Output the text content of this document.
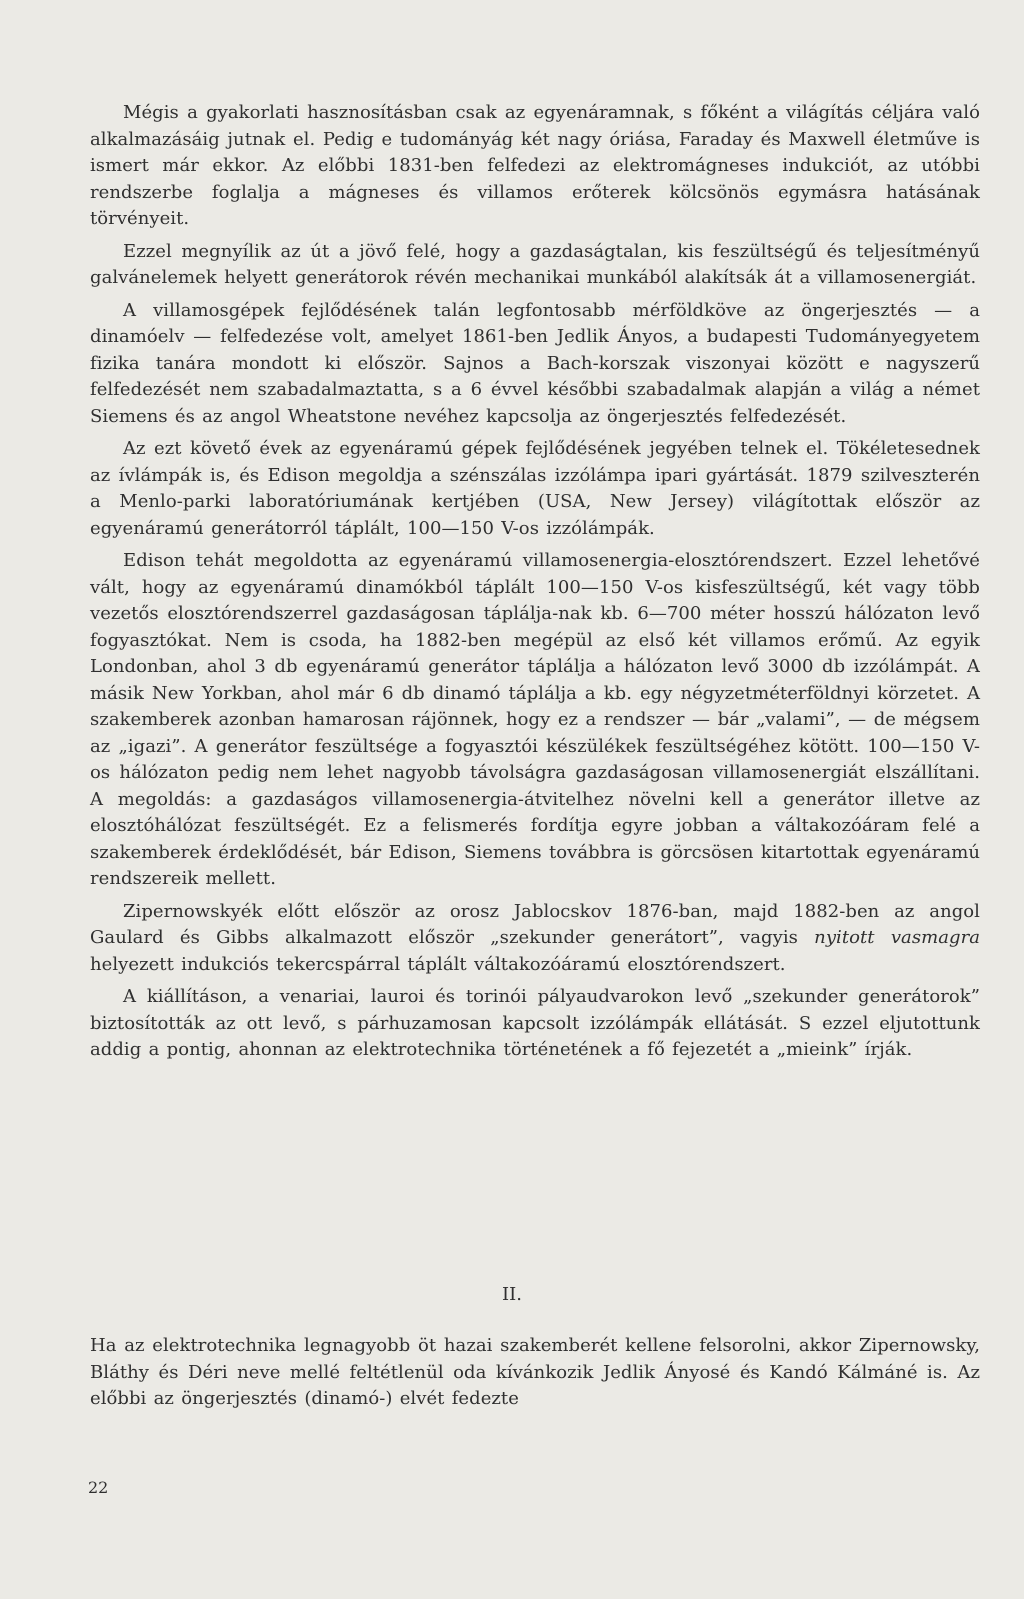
Mégis a gyakorlati hasznosításban csak az egyenáramnak, s főként a világítás céljára való alkalmazásáig jutnak el. Pedig e tudományág két nagy óriása, Faraday és Maxwell életműve is ismert már ekkor. Az előbbi 1831-ben felfedezi az elektromágneses indukciót, az utóbbi rendszerbe foglalja a mágneses és villamos erőterek kölcsönös egymásra hatásának törvényeit.

Ezzel megnyílik az út a jövő felé, hogy a gazdaságtalan, kis feszültségű és teljesítményű galvánelemek helyett generátorok révén mechanikai munkából alakítsák át a villamosenergiát.

A villamosgépek fejlődésének talán legfontosabb mérföldköve az öngerjesztés — a dinamóelv — felfedezése volt, amelyet 1861-ben Jedlik Ányos, a budapesti Tudományegyetem fizika tanára mondott ki először. Sajnos a Bach-korszak viszonyai között e nagyszerű felfedezését nem szabadalmaztatta, s a 6 évvel későbbi szabadalmak alapján a világ a német Siemens és az angol Wheatstone nevéhez kapcsolja az öngerjesztés felfedezését.

Az ezt követő évek az egyenáramú gépek fejlődésének jegyében telnek el. Tökéletesednek az ívlámpák is, és Edison megoldja a szénszálas izzólámpa ipari gyártását. 1879 szilveszterén a Menlo-parki laboratóriumának kertjében (USA, New Jersey) világítottak először az egyenáramú generátorról táplált, 100—150 V-os izzólámpák.

Edison tehát megoldotta az egyenáramú villamosenergia-elosztórendszert. Ezzel lehetővé vált, hogy az egyenáramú dinamókból táplált 100—150 V-os kisfeszültségű, két vagy több vezetős elosztórendszerrel gazdaságosan táplálja-nak kb. 6—700 méter hosszú hálózaton levő fogyasztókat. Nem is csoda, ha 1882-ben megépül az első két villamos erőmű. Az egyik Londonban, ahol 3 db egyenáramú generátor táplálja a hálózaton levő 3000 db izzólámpát. A másik New Yorkban, ahol már 6 db dinamó táplálja a kb. egy négyzetméterföldnyi körzetet. A szakemberek azonban hamarosan rájönnek, hogy ez a rendszer — bár „valami”, — de mégsem az „igazi”. A generátor feszültsége a fogyasztói készülékek feszültségéhez kötött. 100—150 V-os hálózaton pedig nem lehet nagyobb távolságra gazdaságosan villamosenergiát elszállítani. A megoldás: a gazdaságos villamosenergia-átvitelhez növelni kell a generátor illetve az elosztóhálózat feszültségét. Ez a felismerés fordítja egyre jobban a váltakozóáram felé a szakemberek érdeklődését, bár Edison, Siemens továbbra is görcsösen kitartottak egyenáramú rendszereik mellett.

Zipernowskyék előtt először az orosz Jablocskov 1876-ban, majd 1882-ben az angol Gaulard és Gibbs alkalmazott először „szekunder generátort”, vagyis nyitott vasmagra helyezett indukciós tekercspárral táplált váltakozóáramú elosztórendszert.

A kiállításon, a venariai, lauroi és torinói pályaudvarokon levő „szekunder generátorok” biztosították az ott levő, s párhuzamosan kapcsolt izzólámpák ellátását. S ezzel eljutottunk addig a pontig, ahonnan az elektrotechnika történetének a fő fejezetét a „mieink” írják.

II.

Ha az elektrotechnika legnagyobb öt hazai szakemberét kellene felsorolni, akkor Zipernowsky, Bláthy és Déri neve mellé feltétlenül oda kívánkozik Jedlik Ányosé és Kandó Kálmáné is. Az előbbi az öngerjesztés (dinamó-) elvét fedezte

22
